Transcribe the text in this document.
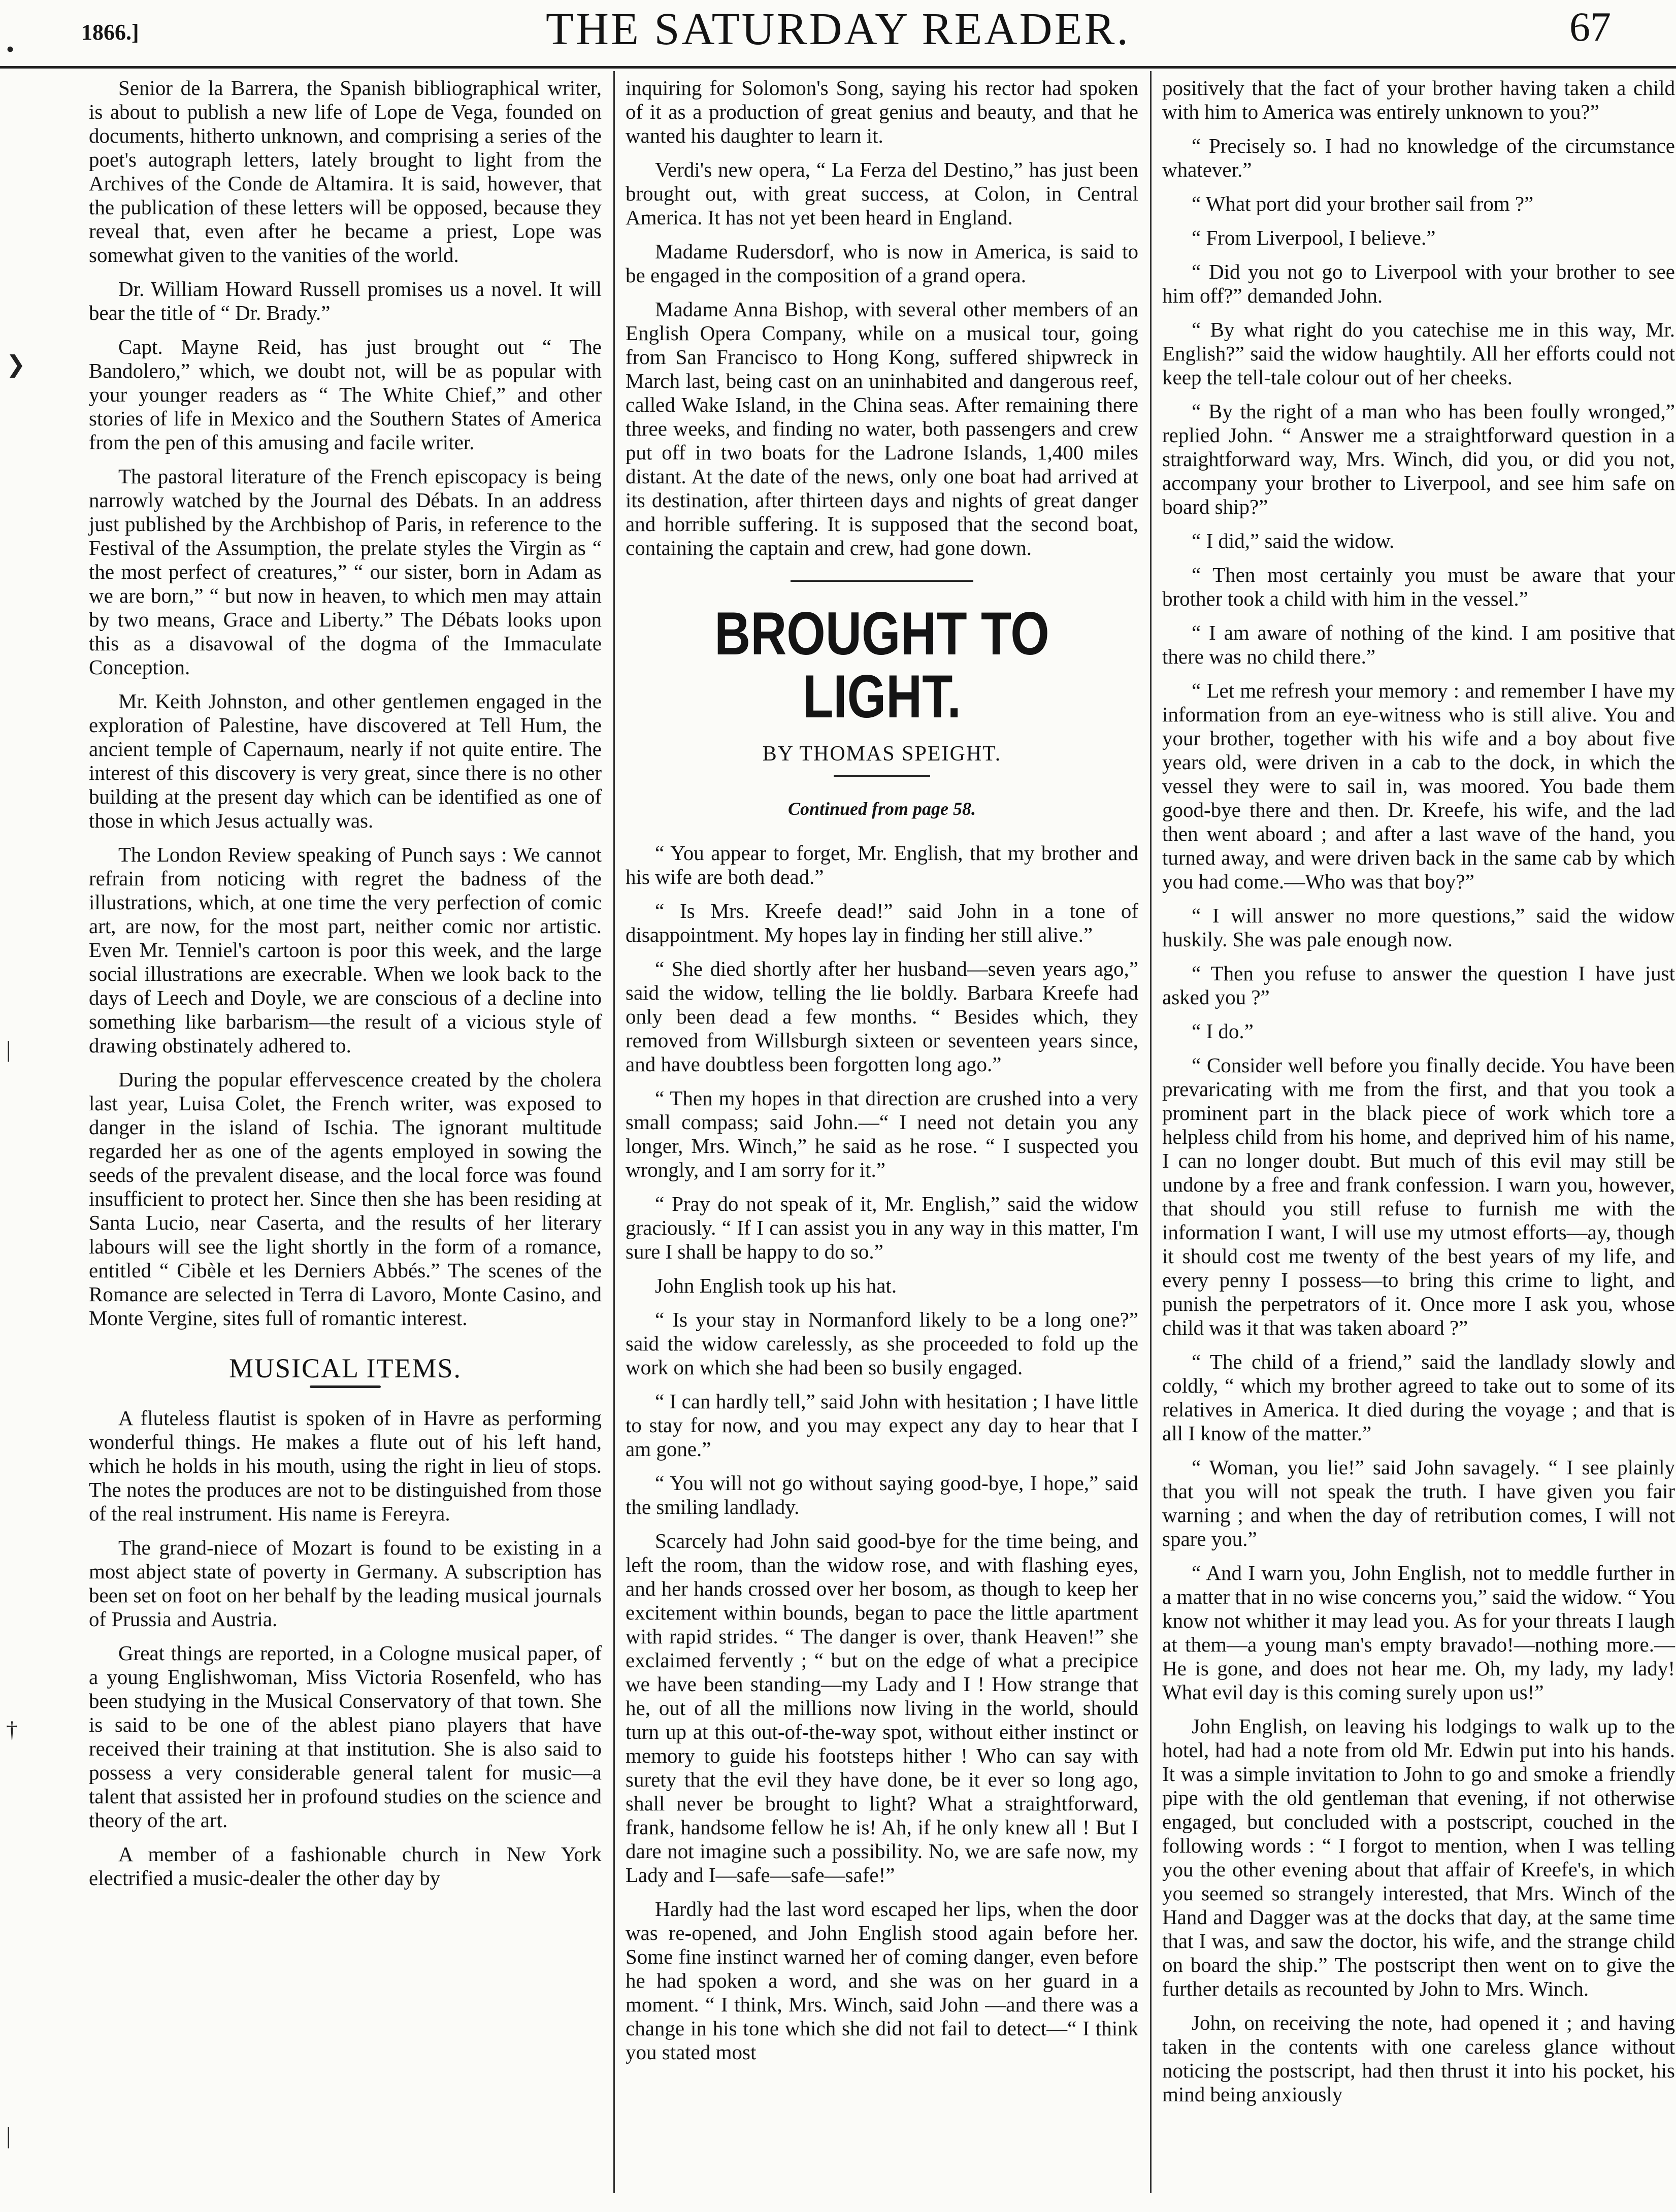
•
❯
|
†
|
1866.]	THE SATURDAY READER.	67

Senior de la Barrera, the Spanish bibliographical writer, is about to publish a new life of Lope de Vega, founded on documents, hitherto unknown, and comprising a series of the poet's autograph letters, lately brought to light from the Archives of the Conde de Altamira. It is said, however, that the publication of these letters will be opposed, because they reveal that, even after he became a priest, Lope was somewhat given to the vanities of the world.

Dr. William Howard Russell promises us a novel. It will bear the title of “ Dr. Brady.”

Capt. Mayne Reid, has just brought out “ The Bandolero,” which, we doubt not, will be as popular with your younger readers as “ The White Chief,” and other stories of life in Mexico and the Southern States of America from the pen of this amusing and facile writer.

The pastoral literature of the French episcopacy is being narrowly watched by the Journal des Débats. In an address just published by the Archbishop of Paris, in reference to the Festival of the Assumption, the prelate styles the Virgin as “ the most perfect of creatures,” “ our sister, born in Adam as we are born,” “ but now in heaven, to which men may attain by two means, Grace and Liberty.” The Débats looks upon this as a disavowal of the dogma of the Immaculate Conception.

Mr. Keith Johnston, and other gentlemen engaged in the exploration of Palestine, have discovered at Tell Hum, the ancient temple of Capernaum, nearly if not quite entire. The interest of this discovery is very great, since there is no other building at the present day which can be identified as one of those in which Jesus actually was.

The London Review speaking of Punch says : We cannot refrain from noticing with regret the badness of the illustrations, which, at one time the very perfection of comic art, are now, for the most part, neither comic nor artistic. Even Mr. Tenniel's cartoon is poor this week, and the large social illustrations are execrable. When we look back to the days of Leech and Doyle, we are conscious of a decline into something like barbarism—the result of a vicious style of drawing obstinately adhered to.

During the popular effervescence created by the cholera last year, Luisa Colet, the French writer, was exposed to danger in the island of Ischia. The ignorant multitude regarded her as one of the agents employed in sowing the seeds of the prevalent disease, and the local force was found insufficient to protect her. Since then she has been residing at Santa Lucio, near Caserta, and the results of her literary labours will see the light shortly in the form of a romance, entitled “ Cibèle et les Derniers Abbés.” The scenes of the Romance are selected in Terra di Lavoro, Monte Casino, and Monte Vergine, sites full of romantic interest.

MUSICAL ITEMS.

A fluteless flautist is spoken of in Havre as performing wonderful things. He makes a flute out of his left hand, which he holds in his mouth, using the right in lieu of stops. The notes the produces are not to be distinguished from those of the real instrument. His name is Fereyra.

The grand-niece of Mozart is found to be existing in a most abject state of poverty in Germany. A subscription has been set on foot on her behalf by the leading musical journals of Prussia and Austria.

Great things are reported, in a Cologne musical paper, of a young Englishwoman, Miss Victoria Rosenfeld, who has been studying in the Musical Conservatory of that town. She is said to be one of the ablest piano players that have received their training at that institution. She is also said to possess a very considerable general talent for music—a talent that assisted her in profound studies on the science and theory of the art.

A member of a fashionable church in New York electrified a music-dealer the other day by

inquiring for Solomon's Song, saying his rector had spoken of it as a production of great genius and beauty, and that he wanted his daughter to learn it.

Verdi's new opera, “ La Ferza del Destino,” has just been brought out, with great success, at Colon, in Central America. It has not yet been heard in England.

Madame Rudersdorf, who is now in America, is said to be engaged in the composition of a grand opera.

Madame Anna Bishop, with several other members of an English Opera Company, while on a musical tour, going from San Francisco to Hong Kong, suffered shipwreck in March last, being cast on an uninhabited and dangerous reef, called Wake Island, in the China seas. After remaining there three weeks, and finding no water, both passengers and crew put off in two boats for the Ladrone Islands, 1,400 miles distant. At the date of the news, only one boat had arrived at its destination, after thirteen days and nights of great danger and horrible suffering. It is supposed that the second boat, containing the captain and crew, had gone down.

BROUGHT TO LIGHT.
BY THOMAS SPEIGHT.
Continued from page 58.

“ You appear to forget, Mr. English, that my brother and his wife are both dead.”

“ Is Mrs. Kreefe dead!” said John in a tone of disappointment. My hopes lay in finding her still alive.”

“ She died shortly after her husband—seven years ago,” said the widow, telling the lie boldly. Barbara Kreefe had only been dead a few months. “ Besides which, they removed from Willsburgh sixteen or seventeen years since, and have doubtless been forgotten long ago.”

“ Then my hopes in that direction are crushed into a very small compass; said John.—“ I need not detain you any longer, Mrs. Winch,” he said as he rose. “ I suspected you wrongly, and I am sorry for it.”

“ Pray do not speak of it, Mr. English,” said the widow graciously. “ If I can assist you in any way in this matter, I'm sure I shall be happy to do so.”

John English took up his hat.

“ Is your stay in Normanford likely to be a long one?” said the widow carelessly, as she proceeded to fold up the work on which she had been so busily engaged.

“ I can hardly tell,” said John with hesitation ; I have little to stay for now, and you may expect any day to hear that I am gone.”

“ You will not go without saying good-bye, I hope,” said the smiling landlady.

Scarcely had John said good-bye for the time being, and left the room, than the widow rose, and with flashing eyes, and her hands crossed over her bosom, as though to keep her excitement within bounds, began to pace the little apartment with rapid strides. “ The danger is over, thank Heaven!” she exclaimed fervently ; “ but on the edge of what a precipice we have been standing—my Lady and I ! How strange that he, out of all the millions now living in the world, should turn up at this out-of-the-way spot, without either instinct or memory to guide his footsteps hither ! Who can say with surety that the evil they have done, be it ever so long ago, shall never be brought to light? What a straightforward, frank, handsome fellow he is! Ah, if he only knew all ! But I dare not imagine such a possibility. No, we are safe now, my Lady and I—safe—safe—safe!”

Hardly had the last word escaped her lips, when the door was re-opened, and John English stood again before her. Some fine instinct warned her of coming danger, even before he had spoken a word, and she was on her guard in a moment. “ I think, Mrs. Winch, said John —and there was a change in his tone which she did not fail to detect—“ I think you stated most

positively that the fact of your brother having taken a child with him to America was entirely unknown to you?”

“ Precisely so. I had no knowledge of the circumstance whatever.”

“ What port did your brother sail from ?”

“ From Liverpool, I believe.”

“ Did you not go to Liverpool with your brother to see him off?” demanded John.

“ By what right do you catechise me in this way, Mr. English?” said the widow haughtily. All her efforts could not keep the tell-tale colour out of her cheeks.

“ By the right of a man who has been foully wronged,” replied John. “ Answer me a straightforward question in a straightforward way, Mrs. Winch, did you, or did you not, accompany your brother to Liverpool, and see him safe on board ship?”

“ I did,” said the widow.

“ Then most certainly you must be aware that your brother took a child with him in the vessel.”

“ I am aware of nothing of the kind. I am positive that there was no child there.”

“ Let me refresh your memory : and remember I have my information from an eye-witness who is still alive. You and your brother, together with his wife and a boy about five years old, were driven in a cab to the dock, in which the vessel they were to sail in, was moored. You bade them good-bye there and then. Dr. Kreefe, his wife, and the lad then went aboard ; and after a last wave of the hand, you turned away, and were driven back in the same cab by which you had come.—Who was that boy?”

“ I will answer no more questions,” said the widow huskily. She was pale enough now.

“ Then you refuse to answer the question I have just asked you ?”

“ I do.”

“ Consider well before you finally decide. You have been prevaricating with me from the first, and that you took a prominent part in the black piece of work which tore a helpless child from his home, and deprived him of his name, I can no longer doubt. But much of this evil may still be undone by a free and frank confession. I warn you, however, that should you still refuse to furnish me with the information I want, I will use my utmost efforts—ay, though it should cost me twenty of the best years of my life, and every penny I possess—to bring this crime to light, and punish the perpetrators of it. Once more I ask you, whose child was it that was taken aboard ?”

“ The child of a friend,” said the landlady slowly and coldly, “ which my brother agreed to take out to some of its relatives in America. It died during the voyage ; and that is all I know of the matter.”

“ Woman, you lie!” said John savagely. “ I see plainly that you will not speak the truth. I have given you fair warning ; and when the day of retribution comes, I will not spare you.”

“ And I warn you, John English, not to meddle further in a matter that in no wise concerns you,” said the widow. “ You know not whither it may lead you. As for your threats I laugh at them—a young man's empty bravado!—nothing more.—He is gone, and does not hear me. Oh, my lady, my lady! What evil day is this coming surely upon us!”

John English, on leaving his lodgings to walk up to the hotel, had had a note from old Mr. Edwin put into his hands. It was a simple invitation to John to go and smoke a friendly pipe with the old gentleman that evening, if not otherwise engaged, but concluded with a postscript, couched in the following words : “ I forgot to mention, when I was telling you the other evening about that affair of Kreefe's, in which you seemed so strangely interested, that Mrs. Winch of the Hand and Dagger was at the docks that day, at the same time that I was, and saw the doctor, his wife, and the strange child on board the ship.” The postscript then went on to give the further details as recounted by John to Mrs. Winch.

John, on receiving the note, had opened it ; and having taken in the contents with one careless glance without noticing the postscript, had then thrust it into his pocket, his mind being anxiously
